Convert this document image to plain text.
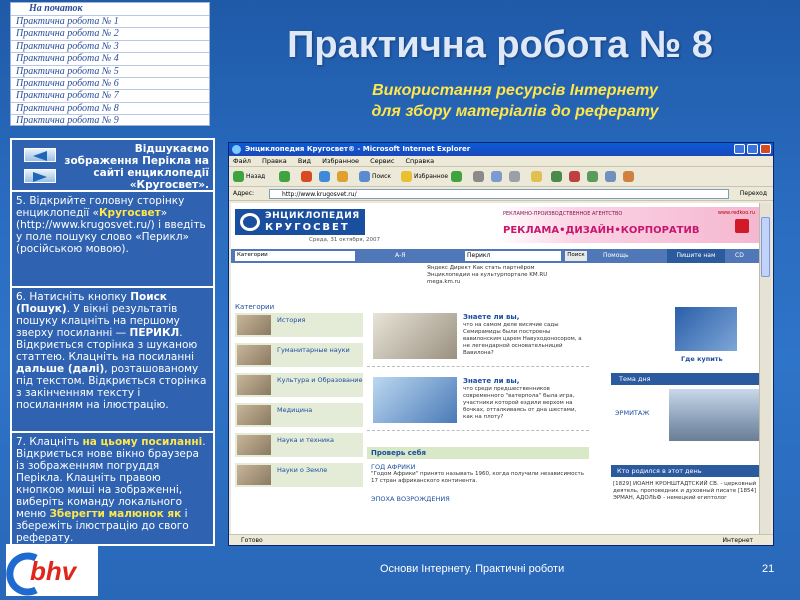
На початок
Практична робота № 1
Практична робота № 2
Практична робота № 3
Практична робота № 4
Практична робота № 5
Практична робота № 6
Практична робота № 7
Практична робота № 8
Практична робота № 9
Практична робота № 8
Використання ресурсів Інтернету
для збору матеріалів до реферату
Відшукаємо зображення Перікла на сайті енциклопедії «Кругосвет».
5. Відкрийте головну сторінку енциклопедії «Кругосвет» (http://www.krugosvet.ru/) і введіть у поле пошуку слово «Перикл» (російською мовою).
6. Натисніть кнопку Поиск (Пошук). У вікні результатів пошуку клацніть на першому зверху посиланні — ПЕРИКЛ. Відкриється сторінка з шуканою статтею. Клацніть на посиланні дальше (далі), розташованому під текстом. Відкриється сторінка з закінченням тексту і посиланням на ілюстрацію.
7. Клацніть на цьому посиланні. Відкриється нове вікно браузера із зображенням погруддя Перікла. Клацніть правою кнопкою миші на зображенні, виберіть команду локального меню Зберегти малюнок як і збережіть ілюстрацію до свого реферату.
Энциклопедия Кругосвет® - Microsoft Internet Explorer
Файл Правка Вид Избранное Сервис Справка
Назад	Поиск	Избранное
Адрес:	http://www.krugosvet.ru/	Переход
ЭНЦИКЛОПЕДИЯ
КРУГОСВЕТ
Среда, 31 октября, 2007
РЕКЛАМНО-ПРОИЗВОДСТВЕННОЕ АГЕНТСТВО
РЕКЛАМА•ДИЗАЙН•КОРПОРАТИВ
www.redkoo.ru
Категории	А-Я	Перикл	Поиск	Помощь	Пишите нам	CD
Яндекс Директ Как стать партнёром
Энциклопедии на культурпортале KM.RU
mega.km.ru
Категории
История
Гуманитарные науки
Культура и Образование
Медицина
Наука и техника
Науки о Земле
Знаете ли вы,
что на самом деле висячие сады Семирамиды были построены вавилонским царем Навуходоносором, а не легендарной основательницей Вавилона?
Знаете ли вы,
что среди предшественников современного "ватерпола" была игра, участники которой ездили верхом на бочках, отталкиваясь от дна шестами, как на плоту?
Проверь себя
ГОД АФРИКИ
"Годом Африки" принято называть 1960, когда получили независимость 17 стран африканского континента.
ЭПОХА ВОЗРОЖДЕНИЯ
Где купить
Тема дня
ЭРМИТАЖ
Кто родился в этот день
[1829] ИОАНН КРОНШТАДТСКИЙ СВ. - церковный деятель, проповедник и духовный писате [1854] ЭРМАН, АДОЛЬФ - немецкий египтолог
Готово	Интернет
bhv	Основи Інтернету. Практичні роботи	21
